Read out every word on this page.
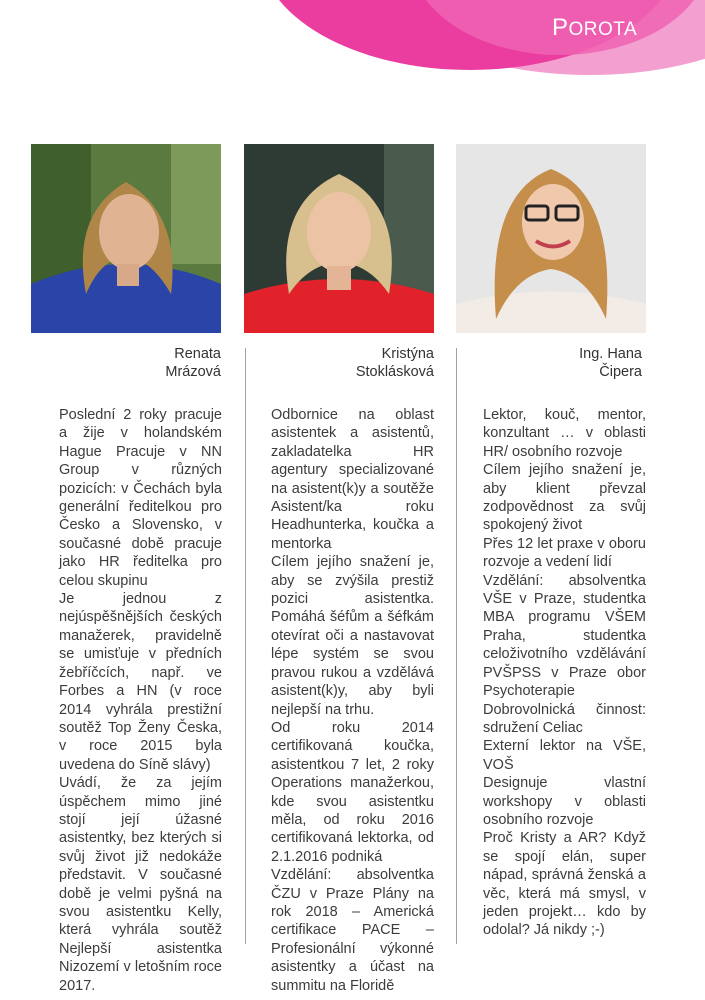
POROTA
Renata
Mrázová
Kristýna
Stoklásková
Ing. Hana
Čipera

Poslední 2 roky pracuje a žije v holandském Hague Pracuje v NN Group v různých pozicích: v Čechách byla generální ředitelkou pro Česko a Slovensko, v současné době pracuje jako HR ředitelka pro celou skupinu

Je jednou z nejúspěšnějších českých manažerek, pravidelně se umisťuje v předních žebříčcích, např. ve Forbes a HN (v roce 2014 vyhrála prestižní soutěž Top Ženy Česka, v roce 2015 byla uvedena do Síně slávy)

Uvádí, že za jejím úspěchem mimo jiné stojí její úžasné asistentky, bez kterých si svůj život již nedokáže představit. V současné době je velmi pyšná na svou asistentku Kelly, která vyhrála soutěž Nejlepší asistentka Nizozemí v letošním roce 2017.

Odbornice na oblast asistentek a asistentů, zakladatelka HR agentury specializované na asistent(k)y a soutěže Asistent/ka roku Headhunterka, koučka a mentorka

Cílem jejího snažení je, aby se zvýšila prestiž pozici asistentka. Pomáhá šéfům a šéfkám otevírat oči a nastavovat lépe systém se svou pravou rukou a vzdělává asistent(k)y, aby byli nejlepší na trhu.

Od roku 2014 certifikovaná koučka, asistentkou 7 let, 2 roky Operations manažerkou, kde svou asistentku měla, od roku 2016 certifikovaná lektorka, od 2.1.2016 podniká

Vzdělání: absolventka ČZU v Praze Plány na rok 2018 – Americká certifikace PACE – Profesionální výkonné asistentky a účast na summitu na Floridě

Lektor, kouč, mentor, konzultant … v oblasti HR/ osobního rozvoje

Cílem jejího snažení je, aby klient převzal zodpovědnost za svůj spokojený život

Přes 12 let praxe v oboru rozvoje a vedení lidí

Vzdělání: absolventka VŠE v Praze, studentka MBA programu VŠEM Praha, studentka celoživotního vzdělávání PVŠPSS v Praze obor Psychoterapie

Dobrovolnická činnost: sdružení Celiac

Externí lektor na VŠE, VOŠ

Designuje vlastní workshopy v oblasti osobního rozvoje

Proč Kristy a AR? Když se spojí elán, super nápad, správná ženská a věc, která má smysl, v jeden projekt… kdo by odolal? Já nikdy ;-)
